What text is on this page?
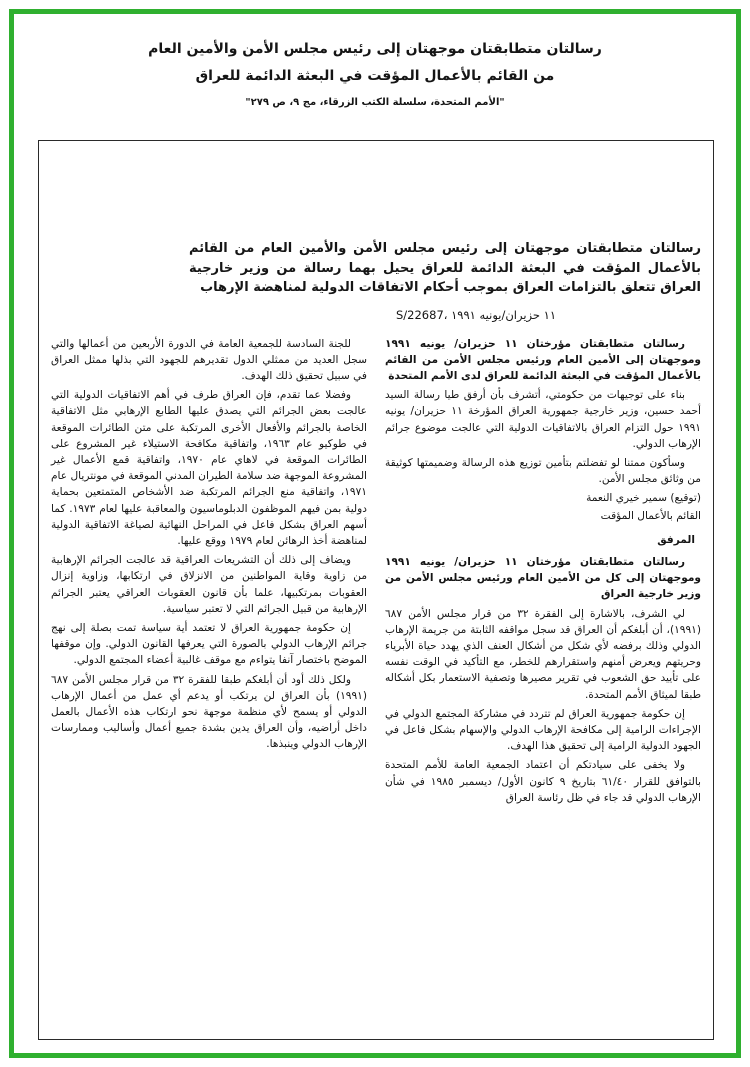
رسالتان متطابقتان موجهتان إلى رئيس مجلس الأمن والأمين العام
من القائم بالأعمال المؤقت في البعثة الدائمة للعراق
"الأمم المتحدة، سلسلة الكتب الزرقاء، مج ٩، ص ٢٧٩"
رسالتان متطابقتان موجهتان إلى رئيس مجلس الأمن والأمين العام من القائم بالأعمال المؤقت في البعثة الدائمة للعراق يحيل بهما رسالة من وزير خارجية العراق تتعلق بالتزامات العراق بموجب أحكام الاتفاقات الدولية لمناهضة الإرهاب
S/22687، ١١ حزيران/يونيه ١٩٩١

رسالتان متطابقتان مؤرختان ١١ حزيران/ يونيه ١٩٩١ وموجهتان إلى الأمين العام ورئيس مجلس الأمن من القائم بالأعمال المؤقت في البعثة الدائمة للعراق لدى الأمم المتحدة

بناء على توجيهات من حكومتي، أتشرف بأن أرفق طيا رسالة السيد أحمد حسين، وزير خارجية جمهورية العراق المؤرخة ١١ حزيران/ يونيه ١٩٩١ حول التزام العراق بالاتفاقيات الدولية التي عالجت موضوع جرائم الإرهاب الدولي.

وسأكون ممتنا لو تفضلتم بتأمين توزيع هذه الرسالة وضميمتها كوثيقة من وثائق مجلس الأمن.

(توقيع) سمير خيري النعمة

القائم بالأعمال المؤقت

المرفق

رسالتان متطابقتان مؤرختان ١١ حزيران/ يونيه ١٩٩١ وموجهتان إلى كل من الأمين العام ورئيس مجلس الأمن من وزير خارجية العراق

لي الشرف، بالاشارة إلى الفقرة ٣٢ من قرار مجلس الأمن ٦٨٧ (١٩٩١)، أن أبلغكم أن العراق قد سجل مواقفه الثابتة من جريمة الإرهاب الدولي وذلك برفضه لأي شكل من أشكال العنف الذي يهدد حياة الأبرياء وحريتهم ويعرض أمنهم واستقرارهم للخطر، مع التأكيد في الوقت نفسه على تأييد حق الشعوب في تقرير مصيرها وتصفية الاستعمار بكل أشكاله طبقا لميثاق الأمم المتحدة.

إن حكومة جمهورية العراق لم تتردد في مشاركة المجتمع الدولي في الإجراءات الرامية إلى مكافحة الإرهاب الدولي والإسهام بشكل فاعل في الجهود الدولية الرامية إلى تحقيق هذا الهدف.

ولا يخفى على سيادتكم أن اعتماد الجمعية العامة للأمم المتحدة بالتوافق للقرار ٦١/٤٠ بتاريخ ٩ كانون الأول/ ديسمبر ١٩٨٥ في شأن الإرهاب الدولي قد جاء في ظل رئاسة العراق

للجنة السادسة للجمعية العامة في الدورة الأربعين من أعمالها والتي سجل العديد من ممثلي الدول تقديرهم للجهود التي بذلها ممثل العراق في سبيل تحقيق ذلك الهدف.

وفضلا عما تقدم، فإن العراق طرف في أهم الاتفاقيات الدولية التي عالجت بعض الجرائم التي يصدق عليها الطابع الإرهابي مثل الاتفاقية الخاصة بالجرائم والأفعال الأخرى المرتكبة على متن الطائرات الموقعة في طوكيو عام ١٩٦٣، واتفاقية مكافحة الاستيلاء غير المشروع على الطائرات الموقعة في لاهاي عام ١٩٧٠، واتفاقية قمع الأعمال غير المشروعة الموجهة ضد سلامة الطيران المدني الموقعة في مونتريال عام ١٩٧١، واتفاقية منع الجرائم المرتكبة ضد الأشخاص المتمتعين بحماية دولية بمن فيهم الموظفون الدبلوماسيون والمعاقبة عليها لعام ١٩٧٣. كما أسهم العراق بشكل فاعل في المراحل النهائية لصياغة الاتفاقية الدولية لمناهضة أخذ الرهائن لعام ١٩٧٩ ووقع عليها.

ويضاف إلى ذلك أن التشريعات العراقية قد عالجت الجرائم الإرهابية من زاوية وقاية المواطنين من الانزلاق في ارتكابها، وزاوية إنزال العقوبات بمرتكبيها، علما بأن قانون العقوبات العراقي يعتبر الجرائم الإرهابية من قبيل الجرائم التي لا تعتبر سياسية.

إن حكومة جمهورية العراق لا تعتمد أية سياسة تمت بصلة إلى نهج جرائم الإرهاب الدولي بالصورة التي يعرفها القانون الدولي. وإن موقفها الموضح باختصار آنفا يتواءم مع موقف غالبية أعضاء المجتمع الدولي.

ولكل ذلك أود أن أبلغكم طبقا للفقرة ٣٢ من قرار مجلس الأمن ٦٨٧ (١٩٩١) بأن العراق لن يرتكب أو يدعم أي عمل من أعمال الإرهاب الدولي أو يسمح لأي منظمة موجهة نحو ارتكاب هذه الأعمال بالعمل داخل أراضيه، وأن العراق يدين بشدة جميع أعمال وأساليب وممارسات الإرهاب الدولي وينبذها.
